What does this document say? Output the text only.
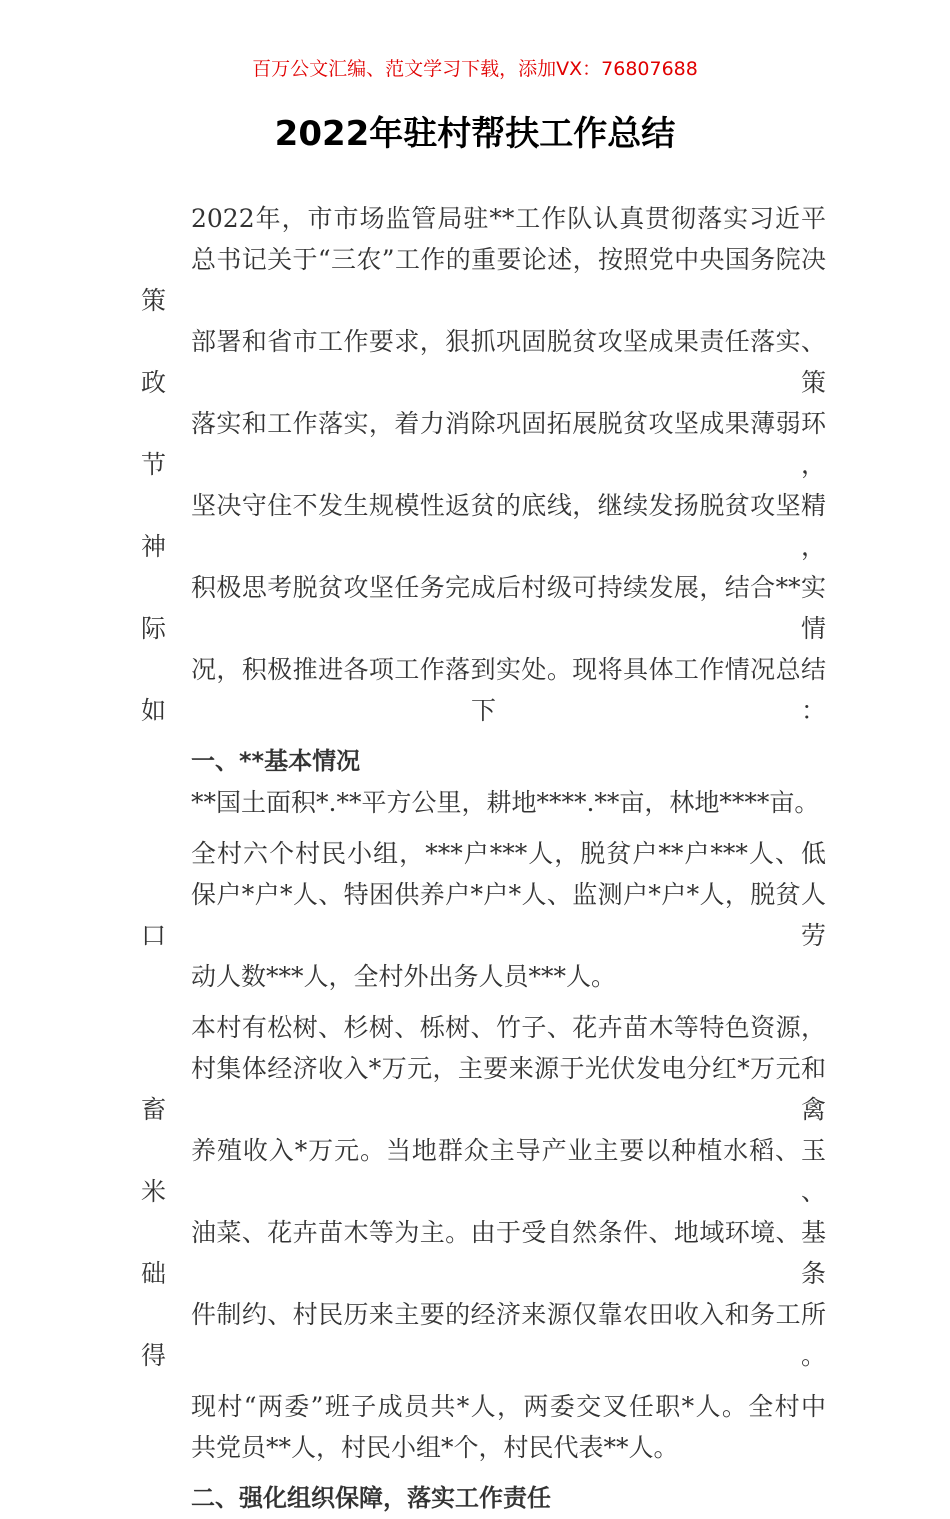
百万公文汇编、范文学习下载，添加VX：76807688
2022年驻村帮扶工作总结

2022年，市市场监管局驻**工作队认真贯彻落实习近平
总书记关于“三农”工作的重要论述，按照党中央国务院决策
部署和省市工作要求，狠抓巩固脱贫攻坚成果责任落实、政策
落实和工作落实，着力消除巩固拓展脱贫攻坚成果薄弱环节，
坚决守住不发生规模性返贫的底线，继续发扬脱贫攻坚精神，
积极思考脱贫攻坚任务完成后村级可持续发展，结合**实际情
况，积极推进各项工作落到实处。现将具体工作情况总结如下：

一、**基本情况

**国土面积*.**平方公里，耕地****.**亩，林地****亩。

全村六个村民小组，***户***人，脱贫户**户***人、低
保户*户*人、特困供养户*户*人、监测户*户*人，脱贫人口劳
动人数***人，全村外出务人员***人。

本村有松树、杉树、栎树、竹子、花卉苗木等特色资源，
村集体经济收入*万元，主要来源于光伏发电分红*万元和畜禽
养殖收入*万元。当地群众主导产业主要以种植水稻、玉米、
油菜、花卉苗木等为主。由于受自然条件、地域环境、基础条
件制约、村民历来主要的经济来源仅靠农田收入和务工所得。

现村“两委”班子成员共*人，两委交叉任职*人。全村中
共党员**人，村民小组*个，村民代表**人。

二、强化组织保障，落实工作责任
